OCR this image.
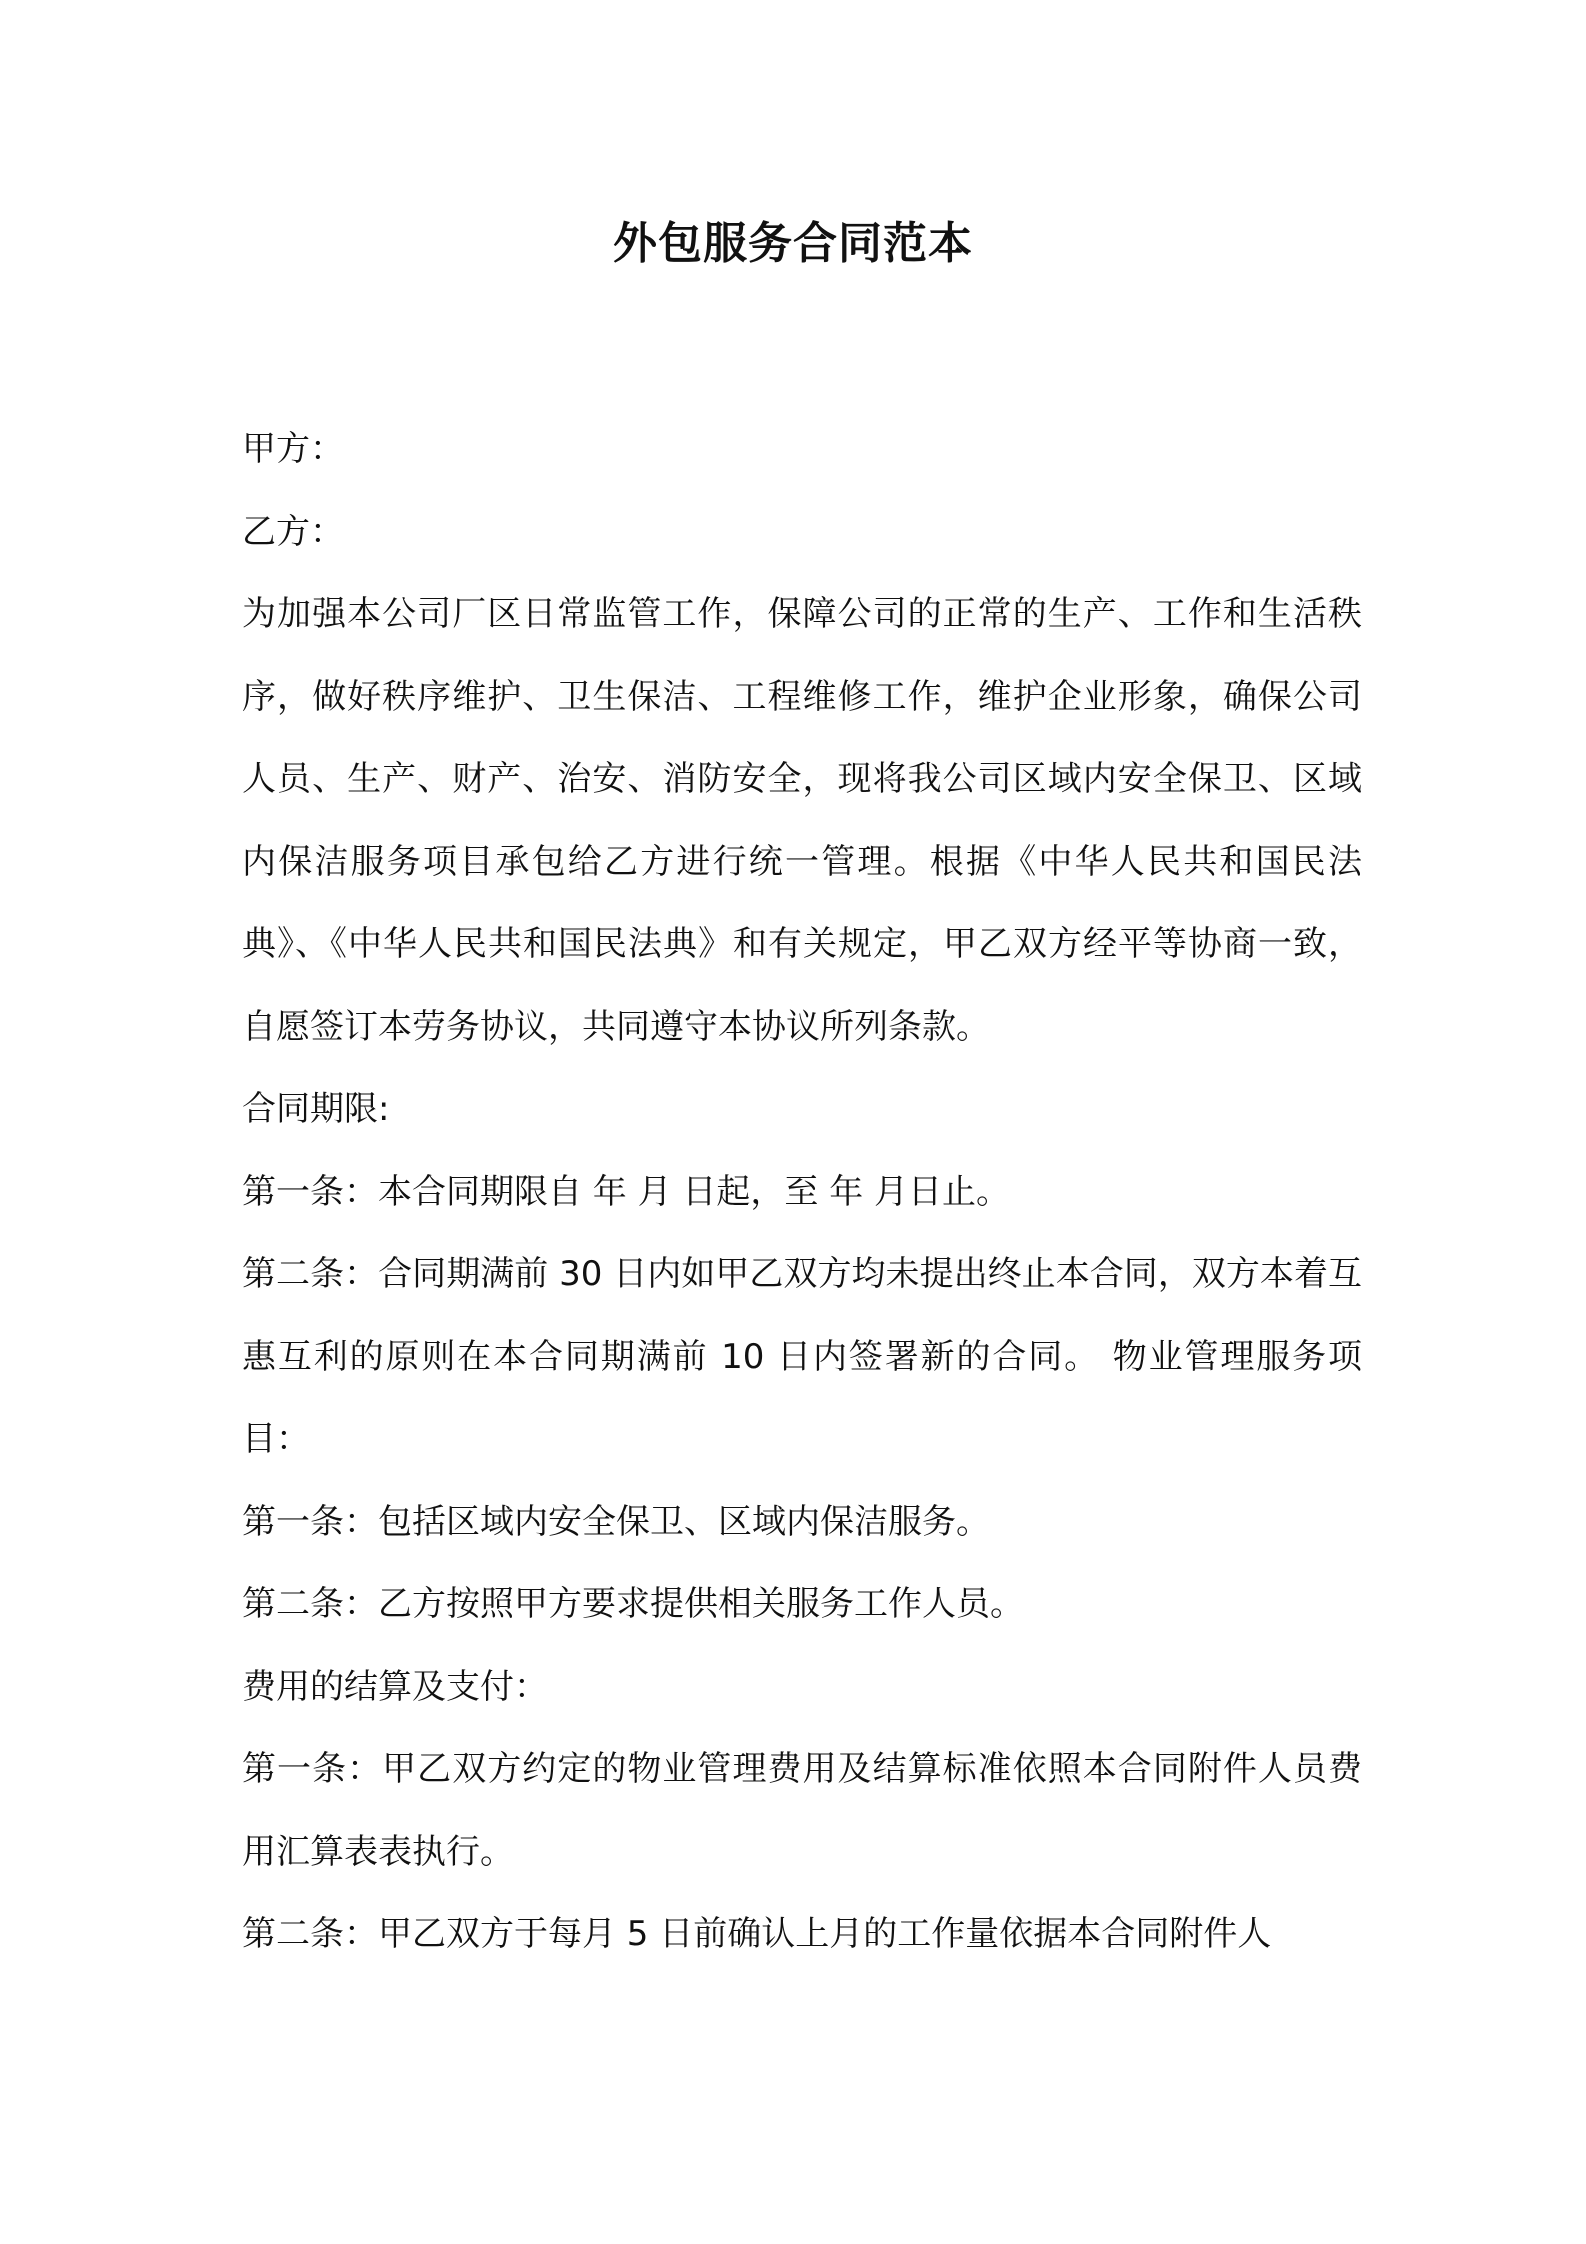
外包服务合同范本

甲方：

乙方：

为加强本公司厂区日常监管工作，保障公司的正常的生产、工作和生活秩序，做好秩序维护、卫生保洁、工程维修工作，维护企业形象，确保公司人员、生产、财产、治安、消防安全，现将我公司区域内安全保卫、区域内保洁服务项目承包给乙方进行统一管理。根据《中华人民共和国民法典》、《中华人民共和国民法典》和有关规定，甲乙双方经平等协商一致，自愿签订本劳务协议，共同遵守本协议所列条款。

合同期限:

第一条：本合同期限自 年 月 日起，至 年 月日止。

第二条：合同期满前 30 日内如甲乙双方均未提出终止本合同，双方本着互惠互利的原则在本合同期满前 10 日内签署新的合同。 物业管理服务项目：

第一条：包括区域内安全保卫、区域内保洁服务。

第二条：乙方按照甲方要求提供相关服务工作人员。

费用的结算及支付：

第一条：甲乙双方约定的物业管理费用及结算标准依照本合同附件人员费用汇算表表执行。

第二条：甲乙双方于每月 5 日前确认上月的工作量依据本合同附件人
